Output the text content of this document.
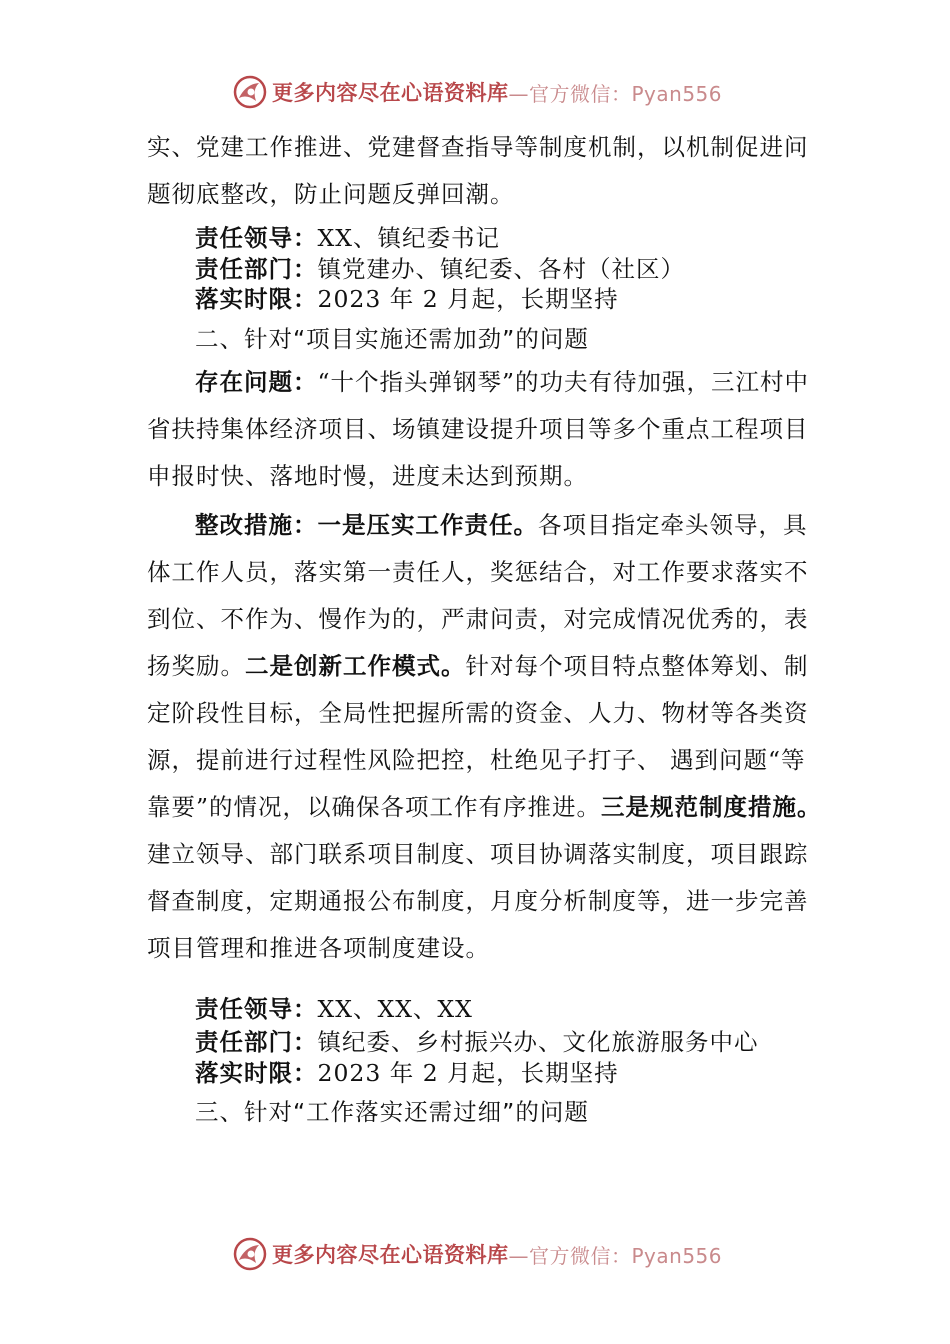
更多内容尽在心语资料库 —官方微信：Pyan556

实、党建工作推进、党建督查指导等制度机制，以机制促进问题彻底整改，防止问题反弹回潮。

责任领导：XX、镇纪委书记
责任部门：镇党建办、镇纪委、各村（社区）
落实时限：2023 年 2 月起，长期坚持
二、针对“项目实施还需加劲”的问题

存在问题：“十个指头弹钢琴”的功夫有待加强，三江村中省扶持集体经济项目、场镇建设提升项目等多个重点工程项目申报时快、落地时慢，进度未达到预期。

整改措施：一是压实工作责任。各项目指定牵头领导，具体工作人员，落实第一责任人，奖惩结合，对工作要求落实不到位、不作为、慢作为的，严肃问责，对完成情况优秀的，表扬奖励。二是创新工作模式。针对每个项目特点整体筹划、制定阶段性目标，全局性把握所需的资金、人力、物材等各类资源，提前进行过程性风险把控，杜绝见子打子、 遇到问题“等靠要”的情况，以确保各项工作有序推进。三是规范制度措施。建立领导、部门联系项目制度、项目协调落实制度，项目跟踪督查制度，定期通报公布制度，月度分析制度等，进一步完善项目管理和推进各项制度建设。

责任领导：XX、XX、XX
责任部门：镇纪委、乡村振兴办、文化旅游服务中心
落实时限：2023 年 2 月起，长期坚持
三、针对“工作落实还需过细”的问题
更多内容尽在心语资料库 —官方微信：Pyan556
